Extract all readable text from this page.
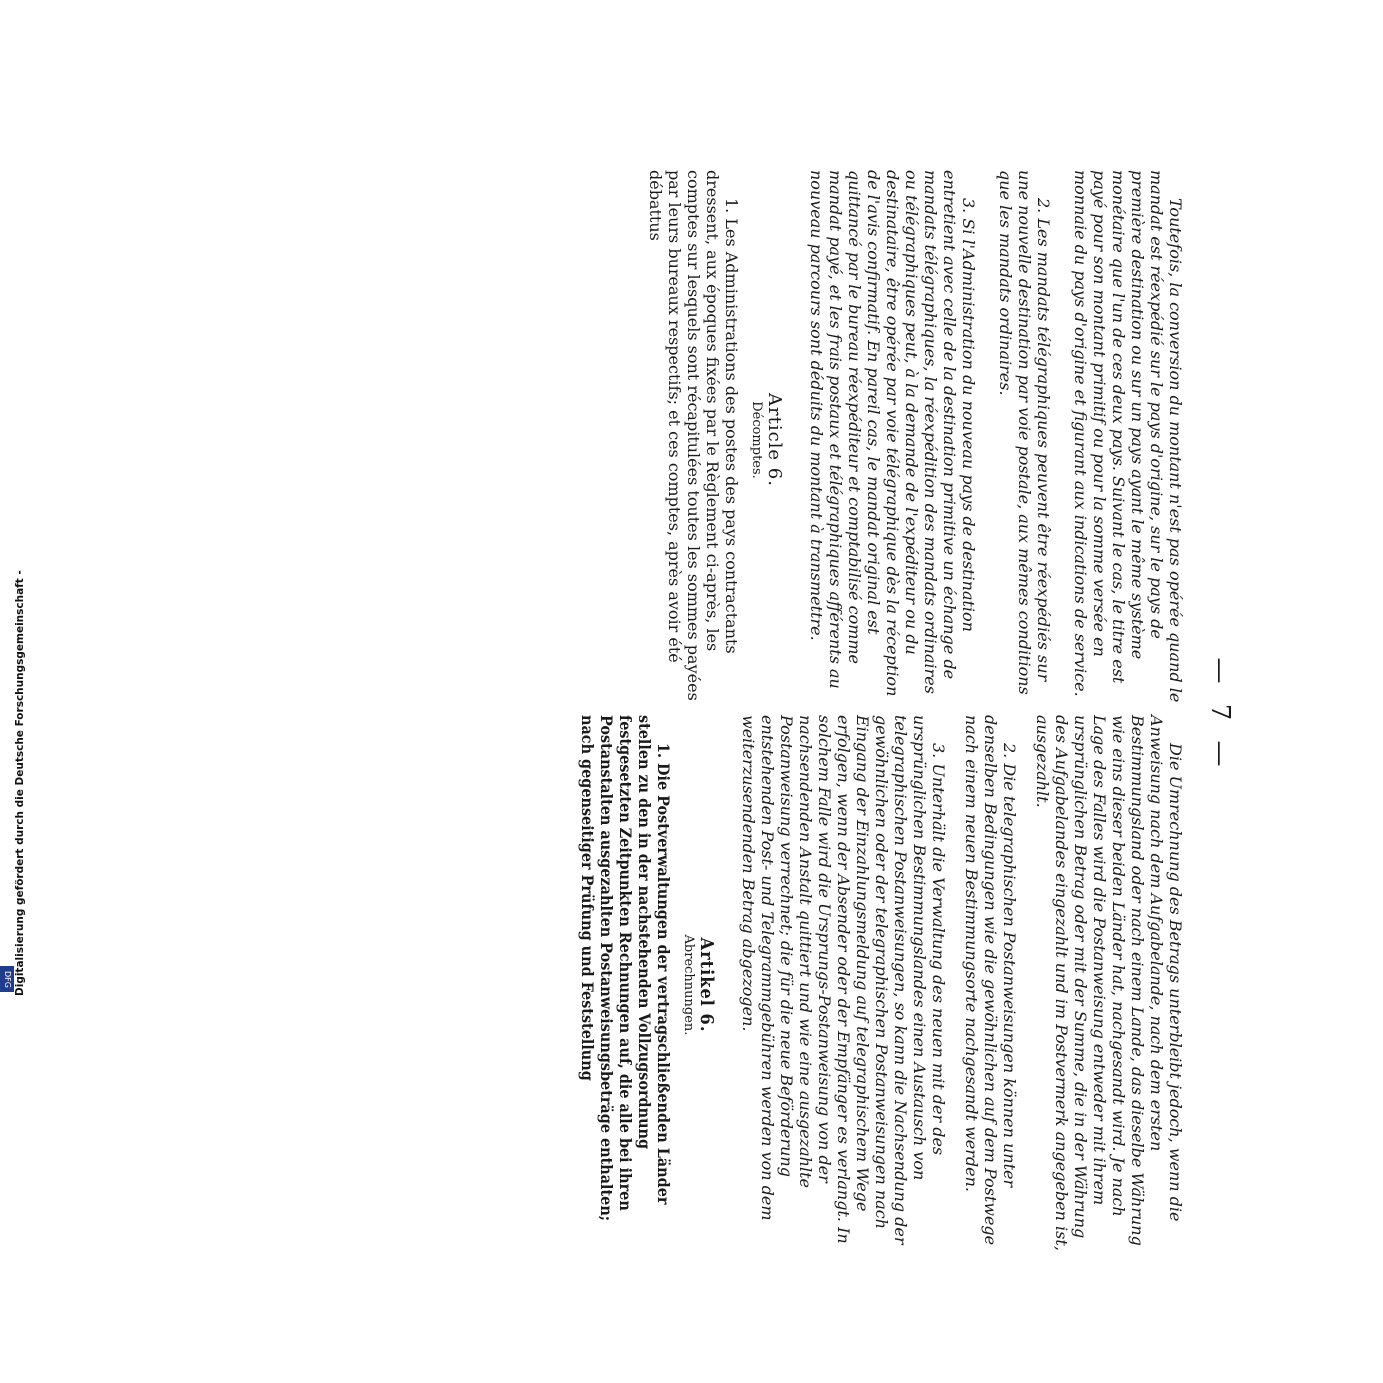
— 7 —

Toutefois, la conversion du montant n'est pas opérée quand le mandat est réexpédié sur le pays d'origine, sur le pays de première destination ou sur un pays ayant le même système monétaire que l'un de ces deux pays. Suivant le cas, le titre est payé pour son montant primitif ou pour la somme versée en monnaie du pays d'origine et figurant aux indications de service.

2. Les mandats télégraphiques peuvent être réexpédiés sur une nouvelle destination par voie postale, aux mêmes conditions que les mandats ordinaires.

3. Si l'Administration du nouveau pays de destination entretient avec celle de la destination primitive un échange de mandats télégraphiques, la réexpédition des mandats ordinaires ou télégraphiques peut, à la demande de l'expéditeur ou du destinataire, être opérée par voie télégraphique dès la réception de l'avis confirmatif. En pareil cas, le mandat original est quittancé par le bureau réexpéditeur et comptabilisé comme mandat payé, et les frais postaux et télégraphiques afférents au nouveau parcours sont déduits du montant à transmettre.

Article 6.

Décomptes.

1. Les Administrations des postes des pays contractants dressent, aux époques fixées par le Règlement ci-après, les comptes sur lesquels sont récapitulées toutes les sommes payées par leurs bureaux respectifs; et ces comptes, après avoir été débattus

Die Umrechnung des Betrags unterbleibt jedoch, wenn die Anweisung nach dem Aufgabelande, nach dem ersten Bestimmungsland oder nach einem Lande, das dieselbe Währung wie eins dieser beiden Länder hat, nachgesandt wird. Je nach Lage des Falles wird die Postanweisung entweder mit ihrem ursprünglichen Betrag oder mit der Summe, die in der Währung des Aufgabelandes eingezahlt und im Postvermerk angegeben ist, ausgezahlt.

2. Die telegraphischen Postanweisungen können unter denselben Bedingungen wie die gewöhnlichen auf dem Postwege nach einem neuen Bestimmungsorte nachgesandt werden.

3. Unterhält die Verwaltung des neuen mit der des ursprünglichen Bestimmungslandes einen Austausch von telegraphischen Postanweisungen, so kann die Nachsendung der gewöhnlichen oder der telegraphischen Postanweisungen nach Eingang der Einzahlungsmeldung auf telegraphischem Wege erfolgen, wenn der Absender oder der Empfänger es verlangt. In solchem Falle wird die Ursprungs-Postanweisung von der nachsendenden Anstalt quittiert und wie eine ausgezahlte Postanweisung verrechnet; die für die neue Beförderung entstehenden Post- und Telegrammgebühren werden von dem weiterzusendenden Betrag abgezogen.

Artikel 6.

Abrechnungen.

1. Die Postverwaltungen der vertragschließenden Länder stellen zu den in der nachstehenden Vollzugsordnung festgesetzten Zeitpunkten Rechnungen auf, die alle bei ihren Postanstalten ausgezahlten Postanweisungsbeträge enthalten; nach gegenseitiger Prüfung und Feststellung

Digitalisierung gefördert durch die Deutsche Forschungsgemeinschaft -
DFG
